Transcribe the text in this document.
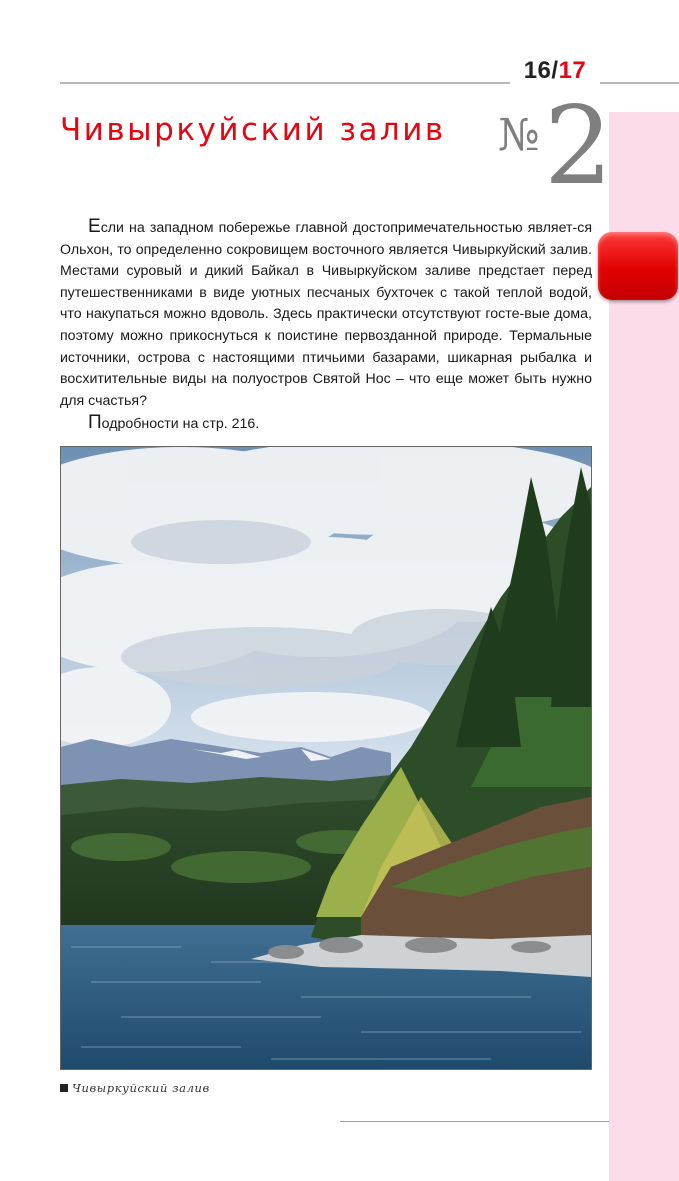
16/17
Чивыркуйский залив № 2

Если на западном побережье главной достопримечательностью являет-ся Ольхон, то определенно сокровищем восточного является Чивыркуйский залив. Местами суровый и дикий Байкал в Чивыркуйском заливе предстает перед путешественниками в виде уютных песчаных бухточек с такой теплой водой, что накупаться можно вдоволь. Здесь практически отсутствуют госте-вые дома, поэтому можно прикоснуться к поистине первозданной природе. Термальные источники, острова с настоящими птичьими базарами, шикарная рыбалка и восхитительные виды на полуостров Святой Нос – что еще может быть нужно для счастья?

Подробности на стр. 216.

Чивыркуйский залив
